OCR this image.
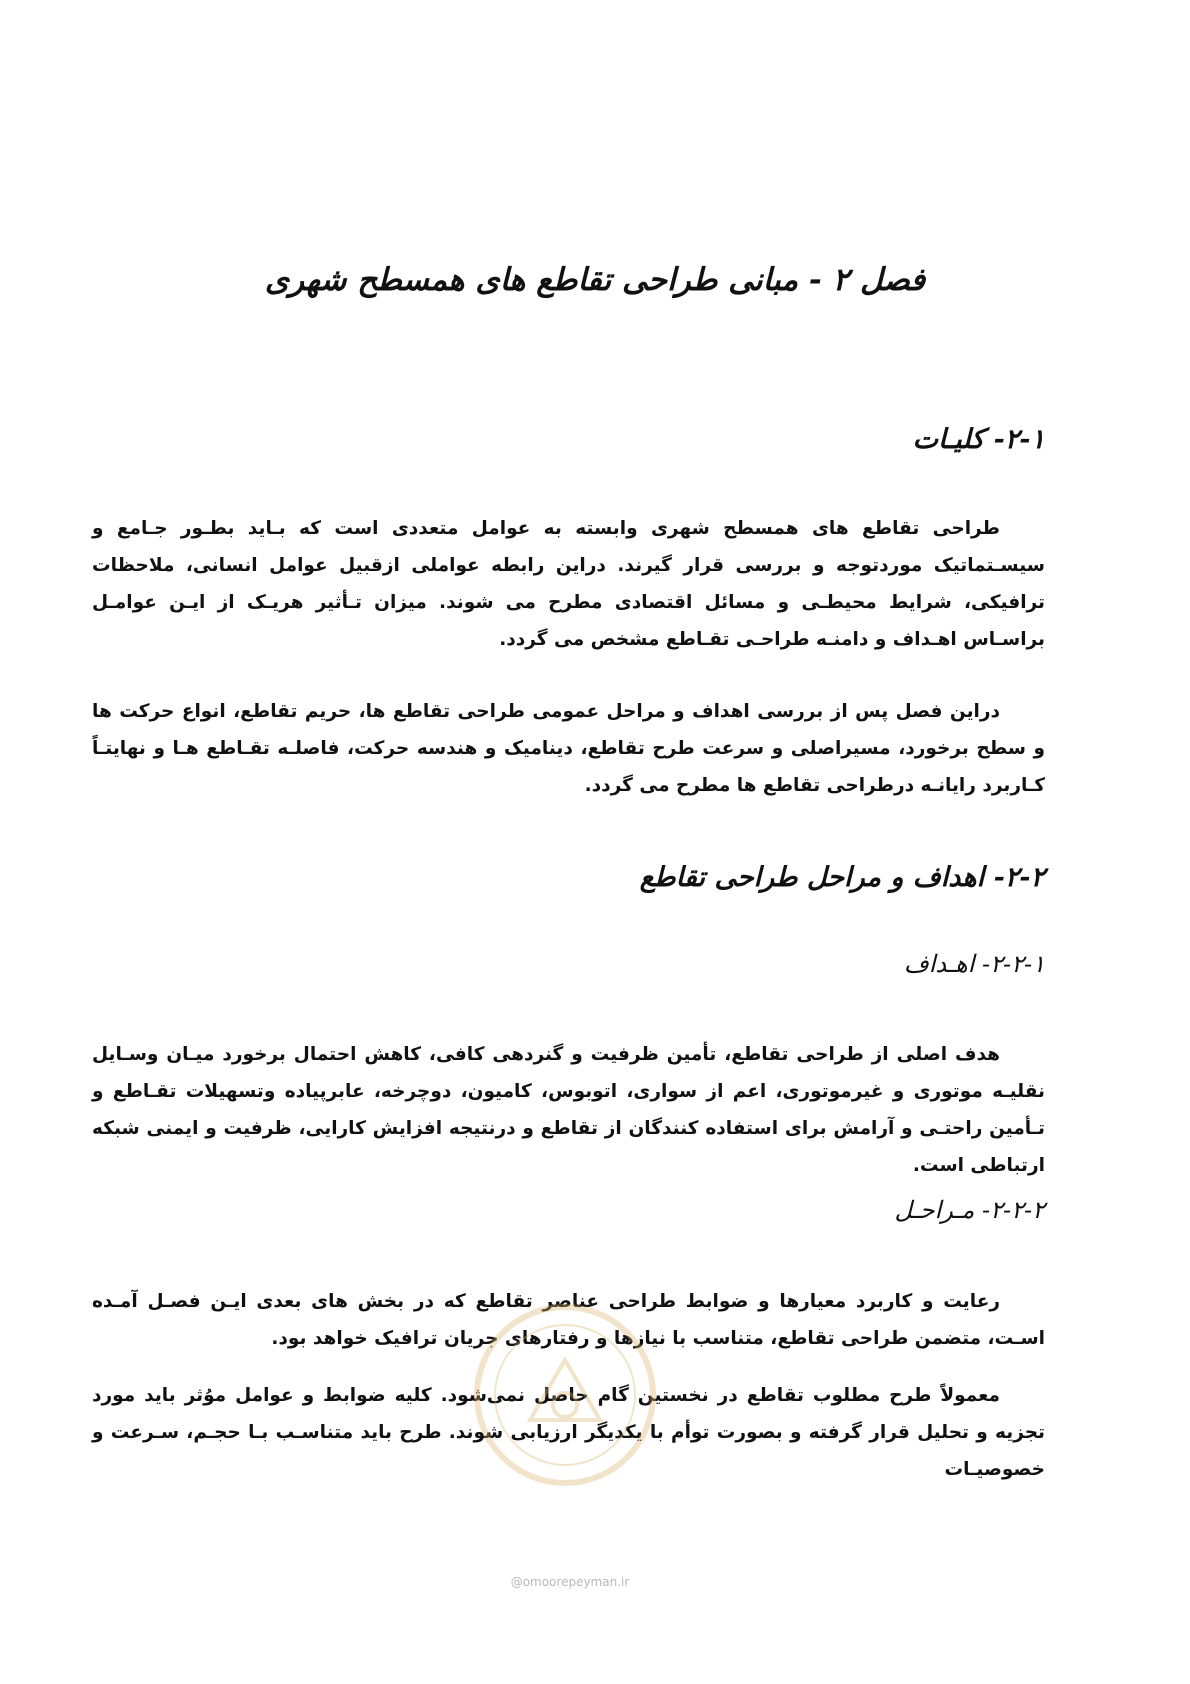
فصل ۲ - مبانی طراحی تقاطع های همسطح شهری
۲-۱- کلیـات

طراحی تقاطع های همسطح شهری وابسته به عوامل متعددی است که بـاید بطـور جـامع و سیسـتماتیک موردتوجه و بررسی قرار گیرند. دراین رابطه عواملی ازقبیل عوامل انسانی، ملاحظات ترافیکی، شرایط محیطـی و مسائل اقتصادی مطرح می شوند. میزان تـأثیر هریـک از ایـن عوامـل براسـاس اهـداف و دامنـه طراحـی تقـاطع مشخص می گردد.

دراین فصل پس از بررسی اهداف و مراحل عمومی طراحی تقاطع ها، حریم تقاطع، انواع حرکت ها و سطح برخورد، مسیراصلی و سرعت طرح تقاطع، دینامیک و هندسه حرکت، فاصلـه تقـاطع هـا و نهایتـاً کـاربرد رایانـه درطراحی تقاطع ها مطرح می گردد.

۲-۲- اهداف و مراحل طراحی تقاطع
۲-۲-۱- اهـداف

هدف اصلی از طراحی تقاطع، تأمین ظرفیت و گنردهی کافی، کاهش احتمال برخورد میـان وسـایل نقلیـه موتوری و غیرموتوری، اعم از سواری، اتوبوس، کامیون، دوچرخه، عابرپیاده وتسهیلات تقـاطع و تـأمین راحتـی و آرامش برای استفاده کنندگان از تقاطع و درنتیجه افزایش کارایی، ظرفیت و ایمنی شبکه ارتباطی است.

۲-۲-۲- مـراحـل

رعایت و کاربرد معیارها و ضوابط طراحی عناصر تقاطع که در بخش های بعدی ایـن فصـل آمـده اسـت، متضمن طراحی تقاطع، متناسب با نیازها و رفتارهای جریان ترافیک خواهد بود.

معمولاً طرح مطلوب تقاطع در نخستین گام حاصل نمی‌شود. کلیه ضوابط و عوامل موُثر باید مورد تجزیه و تحلیل قرار گرفته و بصورت توأم با یکدیگر ارزیابی شوند. طرح باید متناسـب بـا حجـم، سـرعت و خصوصیـات

@omoorepeyman.ir
